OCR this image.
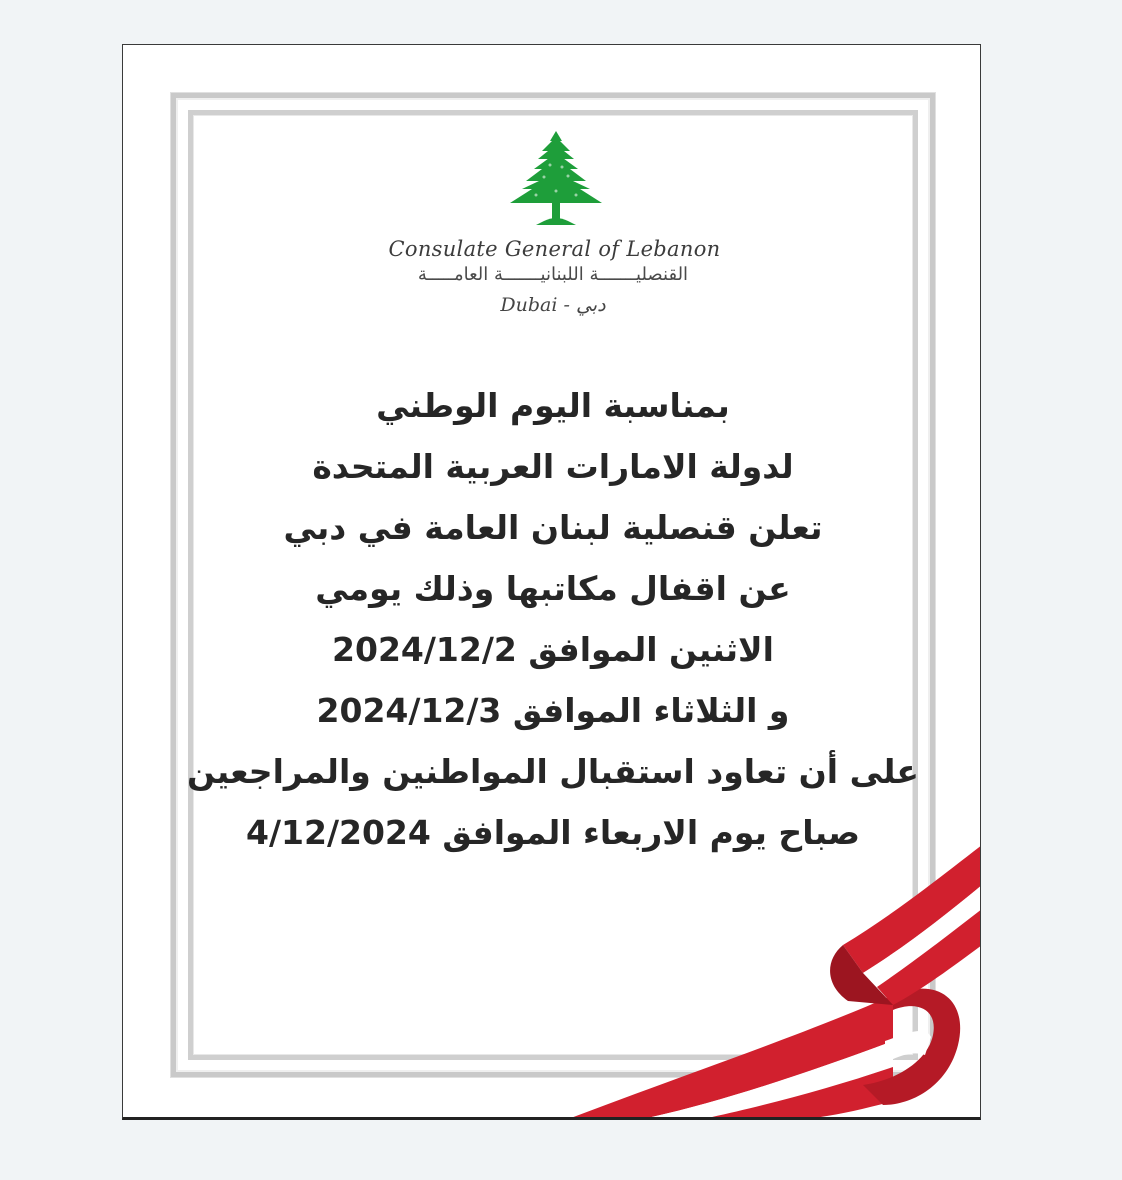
Consulate General of Lebanon
القنصليـــــــة اللبنانيـــــــة العامـــــة
Dubai - دبي
بمناسبة اليوم الوطني
لدولة الامارات العربية المتحدة
تعلن قنصلية لبنان العامة في دبي
عن اقفال مكاتبها وذلك يومي
الاثنين الموافق 2024/12/2
و الثلاثاء الموافق 2024/12/3
على أن تعاود استقبال المواطنين والمراجعين
صباح يوم الاربعاء الموافق 4/12/2024
